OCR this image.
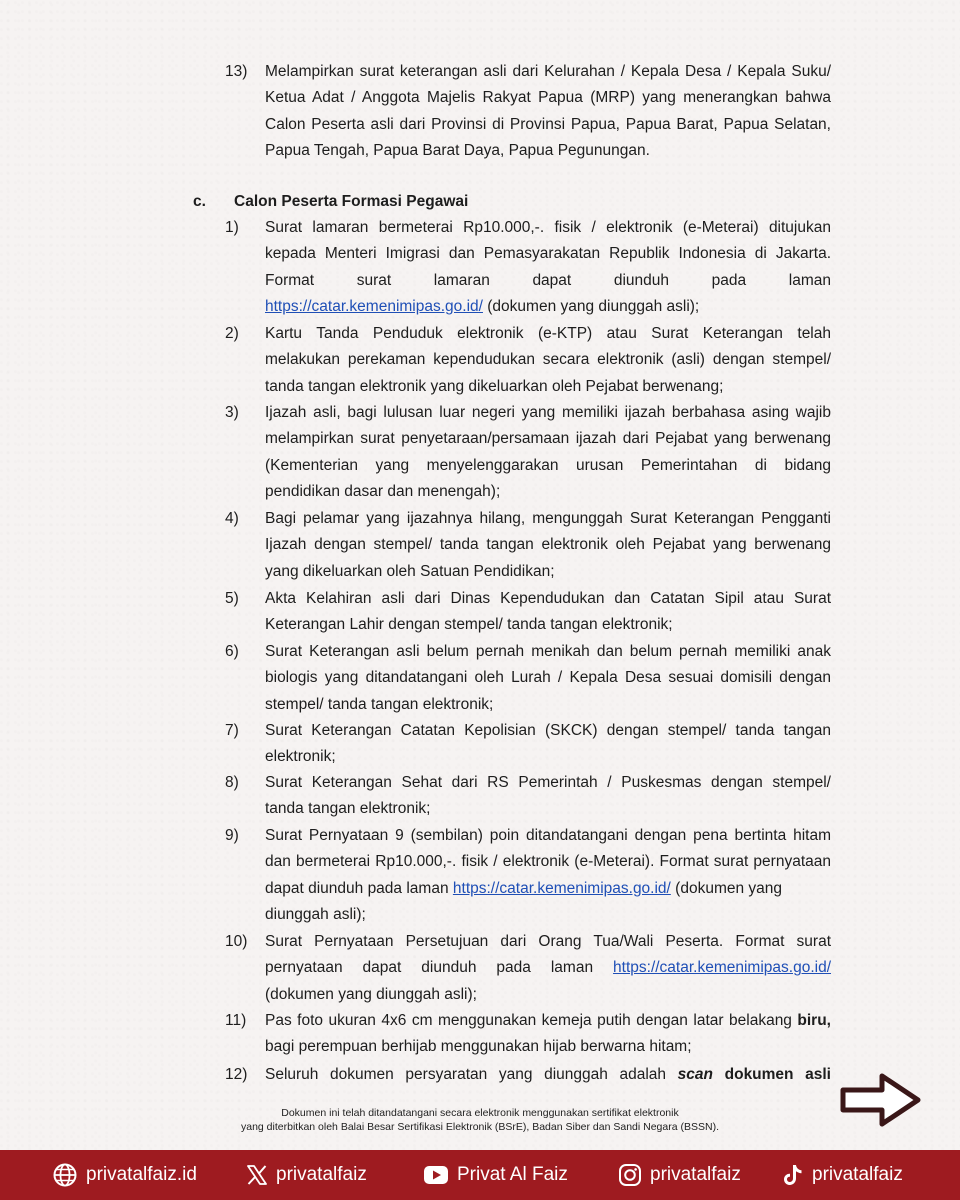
13)	Melampirkan surat keterangan asli dari Kelurahan / Kepala Desa / Kepala Suku/
Ketua Adat / Anggota Majelis Rakyat Papua (MRP) yang menerangkan bahwa
Calon Peserta asli dari Provinsi di Provinsi Papua, Papua Barat, Papua Selatan,
Papua Tengah, Papua Barat Daya, Papua Pegunungan.
c. Calon Peserta Formasi Pegawai
1)	Surat lamaran bermeterai Rp10.000,-. fisik / elektronik (e-Meterai) ditujukan
kepada Menteri Imigrasi dan Pemasyarakatan Republik Indonesia di Jakarta.
Format surat lamaran dapat diunduh pada laman
https://catar.kemenimipas.go.id/ (dokumen yang diunggah asli);
2)	Kartu Tanda Penduduk elektronik (e-KTP) atau Surat Keterangan telah
melakukan perekaman kependudukan secara elektronik (asli) dengan stempel/
tanda tangan elektronik yang dikeluarkan oleh Pejabat berwenang;
3)	Ijazah asli, bagi lulusan luar negeri yang memiliki ijazah berbahasa asing wajib
melampirkan surat penyetaraan/persamaan ijazah dari Pejabat yang berwenang
(Kementerian yang menyelenggarakan urusan Pemerintahan di bidang
pendidikan dasar dan menengah);
4)	Bagi pelamar yang ijazahnya hilang, mengunggah Surat Keterangan Pengganti
Ijazah dengan stempel/ tanda tangan elektronik oleh Pejabat yang berwenang
yang dikeluarkan oleh Satuan Pendidikan;
5)	Akta Kelahiran asli dari Dinas Kependudukan dan Catatan Sipil atau Surat
Keterangan Lahir dengan stempel/ tanda tangan elektronik;
6)	Surat Keterangan asli belum pernah menikah dan belum pernah memiliki anak
biologis yang ditandatangani oleh Lurah / Kepala Desa sesuai domisili dengan
stempel/ tanda tangan elektronik;
7)	Surat Keterangan Catatan Kepolisian (SKCK) dengan stempel/ tanda tangan
elektronik;
8)	Surat Keterangan Sehat dari RS Pemerintah / Puskesmas dengan stempel/
tanda tangan elektronik;
9)	Surat Pernyataan 9 (sembilan) poin ditandatangani dengan pena bertinta hitam
dan bermeterai Rp10.000,-. fisik / elektronik (e-Meterai). Format surat pernyataan
dapat diunduh pada laman https://catar.kemenimipas.go.id/ (dokumen yang
diunggah asli);
10)	Surat Pernyataan Persetujuan dari Orang Tua/Wali Peserta. Format surat
pernyataan dapat diunduh pada laman https://catar.kemenimipas.go.id/
(dokumen yang diunggah asli);
11)	Pas foto ukuran 4x6 cm menggunakan kemeja putih dengan latar belakang biru,
bagi perempuan berhijab menggunakan hijab berwarna hitam;
12)	Seluruh dokumen persyaratan yang diunggah adalah scan dokumen asli
Dokumen ini telah ditandatangani secara elektronik menggunakan sertifikat elektronik
yang diterbitkan oleh Balai Besar Sertifikasi Elektronik (BSrE), Badan Siber dan Sandi Negara (BSSN).
privatalfaiz.id	privatalfaiz	Privat Al Faiz	privatalfaiz	privatalfaiz
